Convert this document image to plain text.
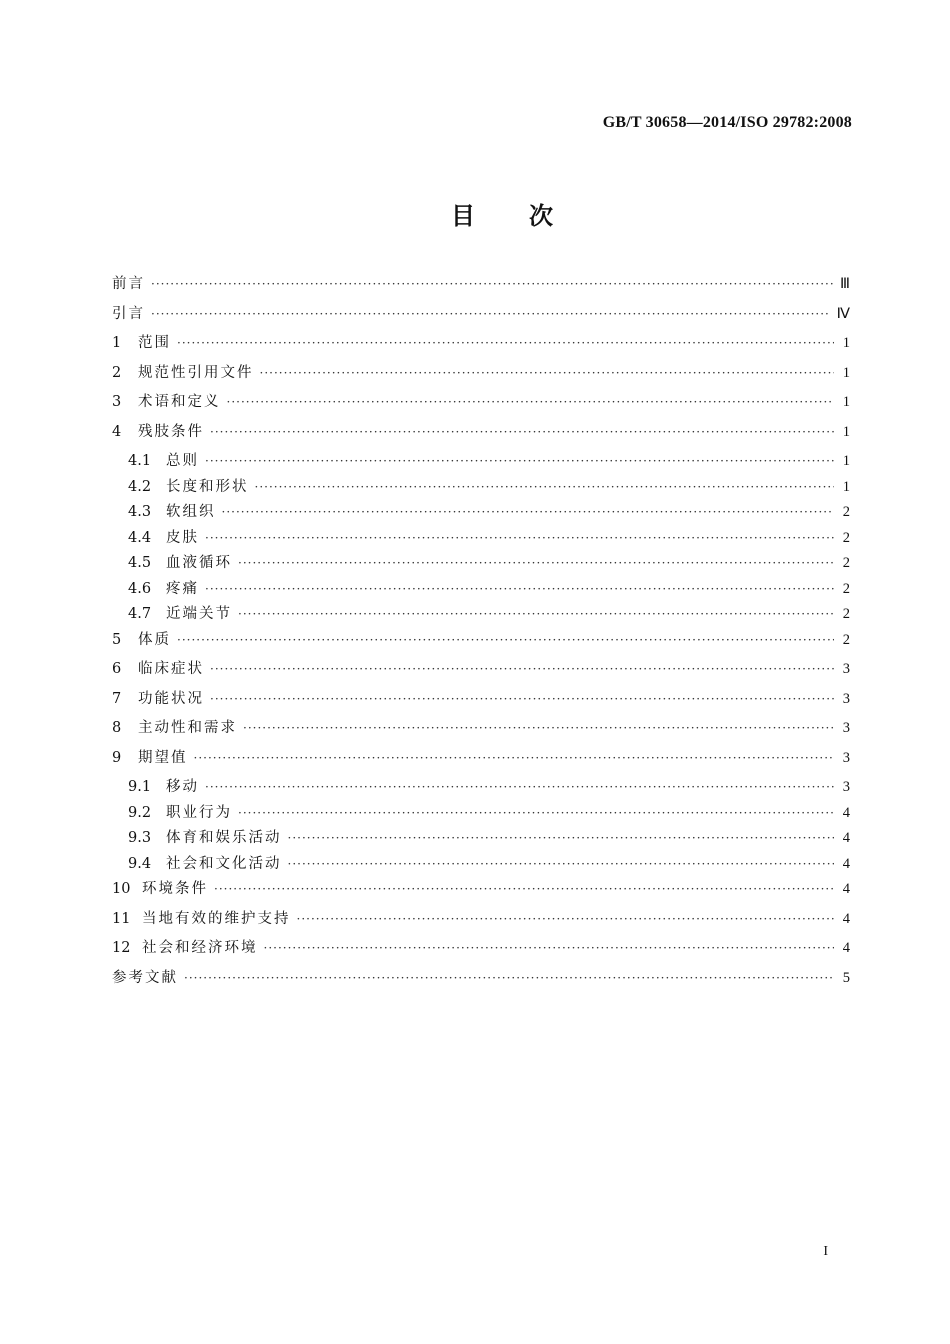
GB/T 30658—2014/ISO 29782:2008
目次
前言 ·····	Ⅲ
引言 ·····	Ⅳ
1	范围 ·····	1
2	规范性引用文件 ·····	1
3	术语和定义 ·····	1
4	残肢条件 ·····	1
4.1	总则 ·····	1
4.2	长度和形状 ·····	1
4.3	软组织 ·····	2
4.4	皮肤 ·····	2
4.5	血液循环 ·····	2
4.6	疼痛 ·····	2
4.7	近端关节 ·····	2
5	体质 ·····	2
6	临床症状 ·····	3
7	功能状况 ·····	3
8	主动性和需求 ·····	3
9	期望值 ·····	3
9.1	移动 ·····	3
9.2	职业行为 ·····	4
9.3	体育和娱乐活动 ·····	4
9.4	社会和文化活动 ·····	4
10 环境条件 ·····	4
11 当地有效的维护支持 ·····	4
12 社会和经济环境 ·····	4
参考文献 ·····	5
I
